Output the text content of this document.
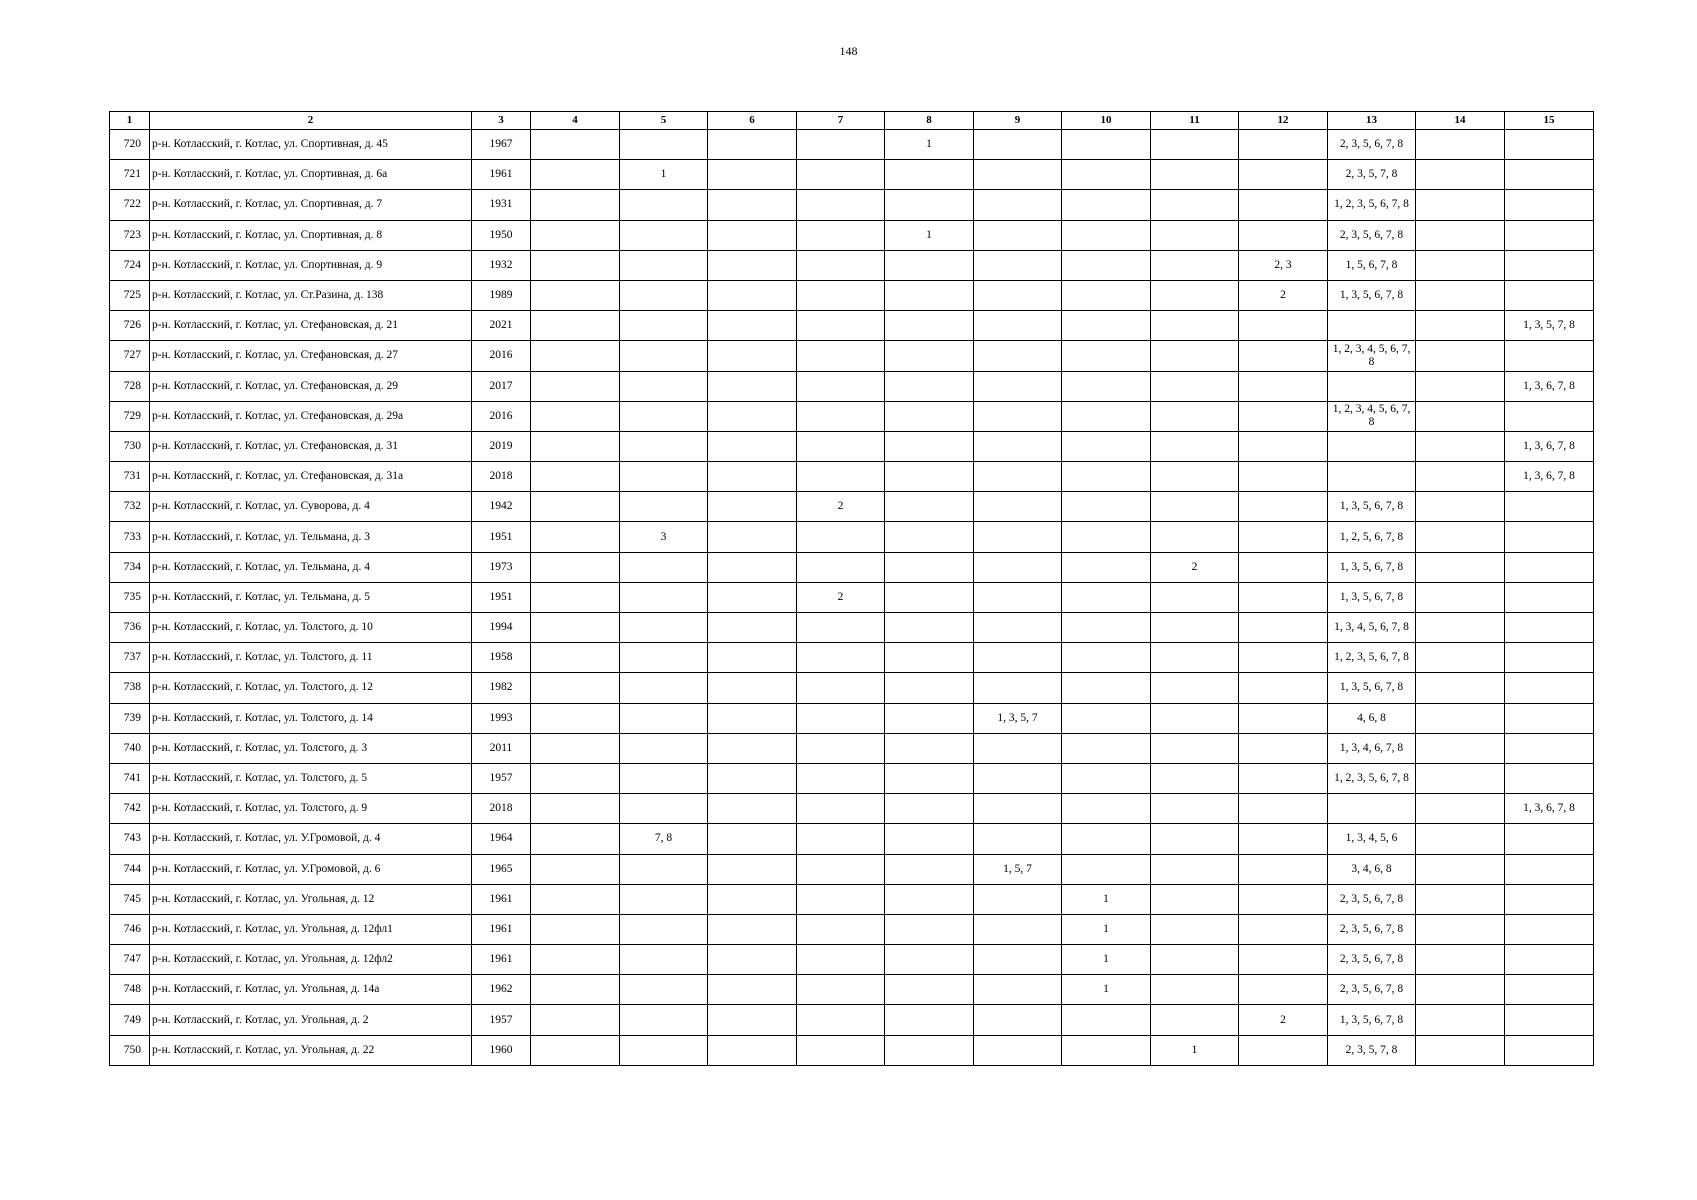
148
1	2	3	4	5	6	7	8	9	10	11	12	13	14	15
720	р-н. Котласский, г. Котлас, ул. Спортивная, д. 45	1967					1					2, 3, 5, 6, 7, 8		
721	р-н. Котласский, г. Котлас, ул. Спортивная, д. 6а	1961		1								2, 3, 5, 7, 8		
722	р-н. Котласский, г. Котлас, ул. Спортивная, д. 7	1931										1, 2, 3, 5, 6, 7, 8		
723	р-н. Котласский, г. Котлас, ул. Спортивная, д. 8	1950					1					2, 3, 5, 6, 7, 8		
724	р-н. Котласский, г. Котлас, ул. Спортивная, д. 9	1932									2, 3	1, 5, 6, 7, 8		
725	р-н. Котласский, г. Котлас, ул. Ст.Разина, д. 138	1989									2	1, 3, 5, 6, 7, 8		
726	р-н. Котласский, г. Котлас, ул. Стефановская, д. 21	2021												1, 3, 5, 7, 8
727	р-н. Котласский, г. Котлас, ул. Стефановская, д. 27	2016										1, 2, 3, 4, 5, 6, 7, 8		
728	р-н. Котласский, г. Котлас, ул. Стефановская, д. 29	2017												1, 3, 6, 7, 8
729	р-н. Котласский, г. Котлас, ул. Стефановская, д. 29а	2016										1, 2, 3, 4, 5, 6, 7, 8		
730	р-н. Котласский, г. Котлас, ул. Стефановская, д. 31	2019												1, 3, 6, 7, 8
731	р-н. Котласский, г. Котлас, ул. Стефановская, д. 31а	2018												1, 3, 6, 7, 8
732	р-н. Котласский, г. Котлас, ул. Суворова, д. 4	1942				2						1, 3, 5, 6, 7, 8		
733	р-н. Котласский, г. Котлас, ул. Тельмана, д. 3	1951		3								1, 2, 5, 6, 7, 8		
734	р-н. Котласский, г. Котлас, ул. Тельмана, д. 4	1973								2		1, 3, 5, 6, 7, 8		
735	р-н. Котласский, г. Котлас, ул. Тельмана, д. 5	1951				2						1, 3, 5, 6, 7, 8		
736	р-н. Котласский, г. Котлас, ул. Толстого, д. 10	1994										1, 3, 4, 5, 6, 7, 8		
737	р-н. Котласский, г. Котлас, ул. Толстого, д. 11	1958										1, 2, 3, 5, 6, 7, 8		
738	р-н. Котласский, г. Котлас, ул. Толстого, д. 12	1982										1, 3, 5, 6, 7, 8		
739	р-н. Котласский, г. Котлас, ул. Толстого, д. 14	1993						1, 3, 5, 7				4, 6, 8		
740	р-н. Котласский, г. Котлас, ул. Толстого, д. 3	2011										1, 3, 4, 6, 7, 8		
741	р-н. Котласский, г. Котлас, ул. Толстого, д. 5	1957										1, 2, 3, 5, 6, 7, 8		
742	р-н. Котласский, г. Котлас, ул. Толстого, д. 9	2018												1, 3, 6, 7, 8
743	р-н. Котласский, г. Котлас, ул. У.Громовой, д. 4	1964		7, 8								1, 3, 4, 5, 6		
744	р-н. Котласский, г. Котлас, ул. У.Громовой, д. 6	1965						1, 5, 7				3, 4, 6, 8		
745	р-н. Котласский, г. Котлас, ул. Угольная, д. 12	1961							1			2, 3, 5, 6, 7, 8		
746	р-н. Котласский, г. Котлас, ул. Угольная, д. 12фл1	1961							1			2, 3, 5, 6, 7, 8		
747	р-н. Котласский, г. Котлас, ул. Угольная, д. 12фл2	1961							1			2, 3, 5, 6, 7, 8		
748	р-н. Котласский, г. Котлас, ул. Угольная, д. 14а	1962							1			2, 3, 5, 6, 7, 8		
749	р-н. Котласский, г. Котлас, ул. Угольная, д. 2	1957									2	1, 3, 5, 6, 7, 8		
750	р-н. Котласский, г. Котлас, ул. Угольная, д. 22	1960								1		2, 3, 5, 7, 8		
